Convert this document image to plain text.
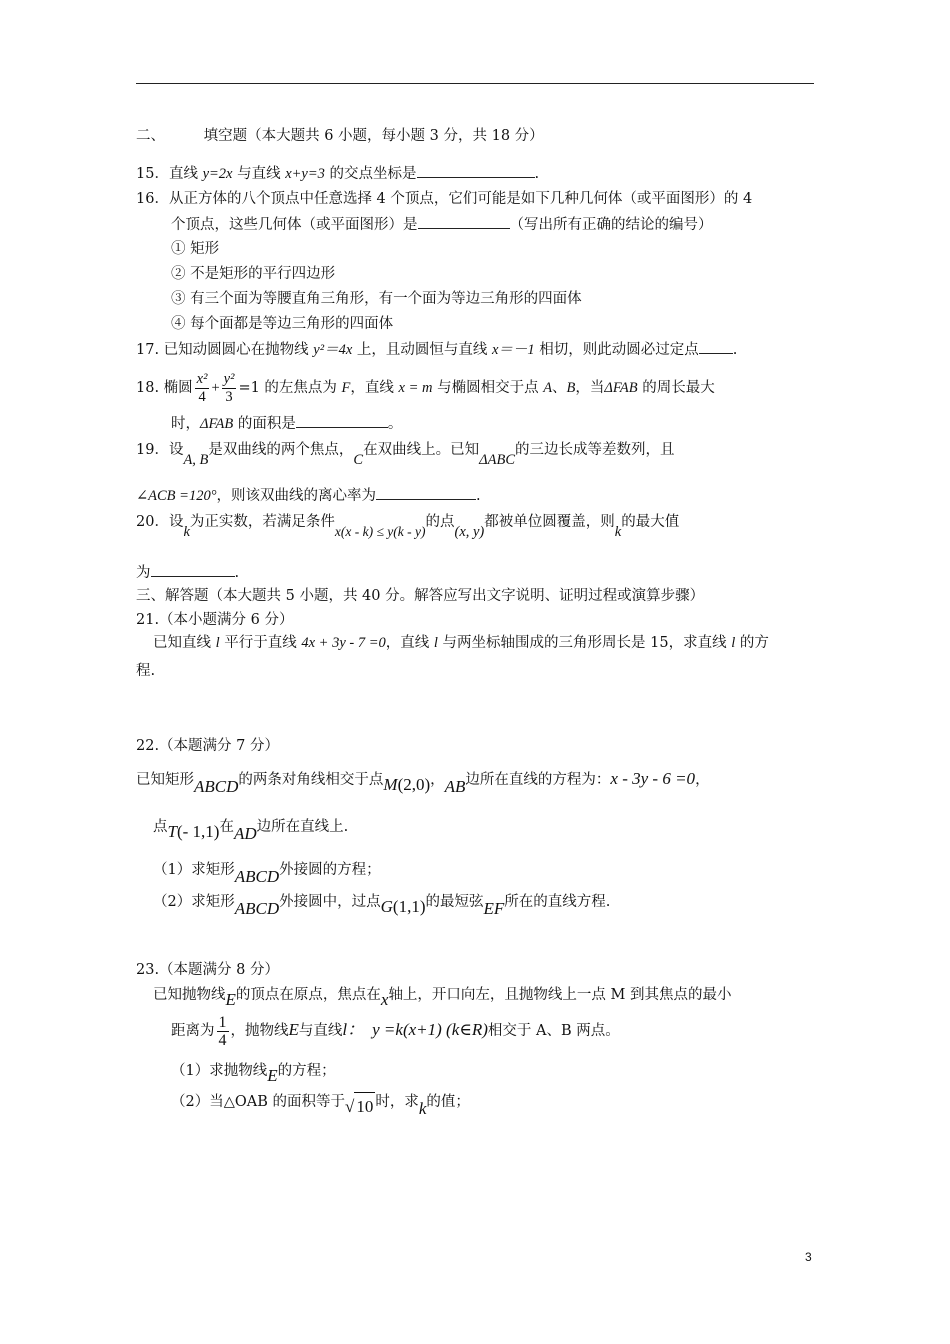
二、	填空题（本大题共 6 小题，每小题 3 分，共 18 分）
15．直线 y=2x 与直线 x+y=3 的交点坐标是	.
16．从正方体的八个顶点中任意选择 4 个顶点，它们可能是如下几种几何体（或平面图形）的 4
个顶点，这些几何体（或平面图形）是	（写出所有正确的结论的编号）
① 矩形
② 不是矩形的平行四边形
③ 有三个面为等腰直角三角形，有一个面为等边三角形的四面体
④ 每个面都是等边三角形的四面体
17. 已知动圆圆心在抛物线 y²＝4x 上，且动圆恒与直线 x＝－1 相切，则此动圆必过定点 .
18. 椭圆 $\frac{\text{x²}}{4} + \frac{\text{y²}}{3} =1$ 的左焦点为 F，直线 x = m 与椭圆相交于点 A、B，当ΔFAB 的周长最大
时，ΔFAB 的面积是	。
19．设A, B是双曲线的两个焦点，C在双曲线上。已知ΔABC的三边长成等差数列，且
∠ACB =120°，则该双曲线的离心率为	.
20．设k为正实数，若满足条件x(x - k) ≤ y(k - y)的点(x, y)都被单位圆覆盖，则k的最大值
为	.
三、解答题（本大题共 5 小题，共 40 分。解答应写出文字说明、证明过程或演算步骤）
21.（本小题满分 6 分）
已知直线 l 平行于直线 4x + 3y - 7 =0，直线 l 与两坐标轴围成的三角形周长是 15，求直线 l 的方
程.
22.（本题满分 7 分）
已知矩形ABCD的两条对角线相交于点M(2,0)，AB边所在直线的方程为：x - 3y - 6 =0，
点T(- 1,1)在AD边所在直线上.
（1）求矩形ABCD外接圆的方程；
（2）求矩形ABCD外接圆中，过点G(1,1)的最短弦EF所在的直线方程.
23.（本题满分 8 分）
已知抛物线E的顶点在原点，焦点在x轴上，开口向左，且抛物线上一点 M 到其焦点的最小
距离为 $\frac{1}{4}$ ，抛物线E与直线l： y =k(x+1) (k∈R)相交于 A、B 两点。
（1）求抛物线E的方程；
（2）当△OAB 的面积等于√ 10 时，求k的值；
3
